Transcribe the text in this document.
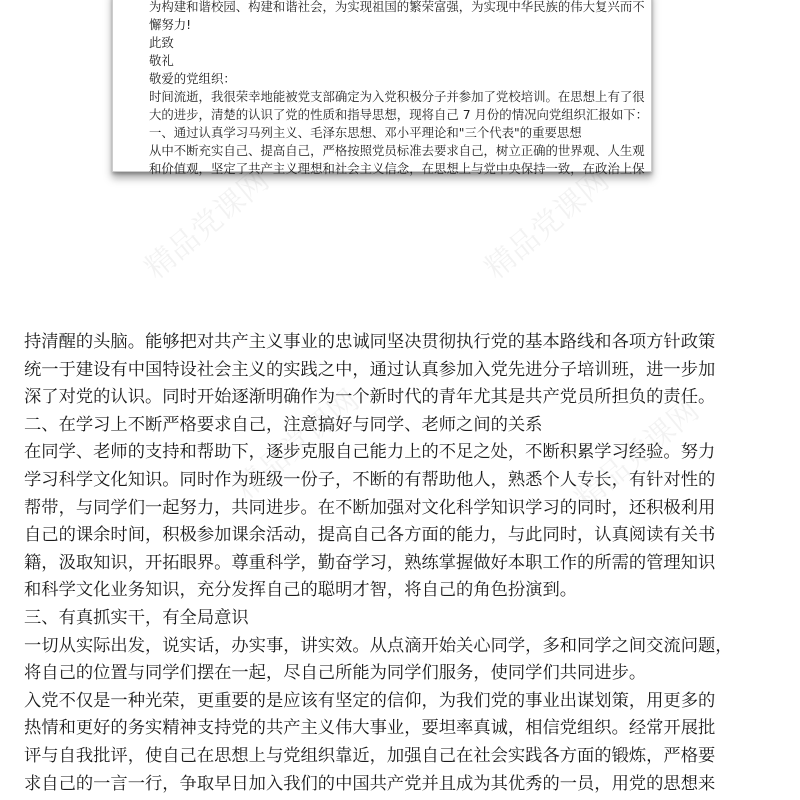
精品党课网	精品党课网
精品党课网	精品党课网
为构建和谐校园、构建和谐社会，为实现祖国的繁荣富强，为实现中华民族的伟大复兴而不
懈努力!
此致
敬礼
敬爱的党组织：
时间流逝，我很荣幸地能被党支部确定为入党积极分子并参加了党校培训。在思想上有了很
大的进步，清楚的认识了党的性质和指导思想，现将自己 7 月份的情况向党组织汇报如下：
一、通过认真学习马列主义、毛泽东思想、邓小平理论和"三个代表"的重要思想
从中不断充实自己、提高自己，严格按照党员标准去要求自己，树立正确的世界观、人生观
和价值观，坚定了共产主义理想和社会主义信念，在思想上与党中央保持一致，在政治上保
持清醒的头脑。能够把对共产主义事业的忠诚同坚决贯彻执行党的基本路线和各项方针政策
统一于建设有中国特设社会主义的实践之中，通过认真参加入党先进分子培训班，进一步加
深了对党的认识。同时开始逐渐明确作为一个新时代的青年尤其是共产党员所担负的责任。
二、在学习上不断严格要求自己，注意搞好与同学、老师之间的关系
在同学、老师的支持和帮助下，逐步克服自己能力上的不足之处，不断积累学习经验。努力
学习科学文化知识。同时作为班级一份子，不断的有帮助他人，熟悉个人专长，有针对性的
帮带，与同学们一起努力，共同进步。在不断加强对文化科学知识学习的同时，还积极利用
自己的课余时间，积极参加课余活动，提高自己各方面的能力，与此同时，认真阅读有关书
籍，汲取知识，开拓眼界。尊重科学，勤奋学习，熟练掌握做好本职工作的所需的管理知识
和科学文化业务知识，充分发挥自己的聪明才智，将自己的角色扮演到。
三、有真抓实干，有全局意识
一切从实际出发，说实话，办实事，讲实效。从点滴开始关心同学，多和同学之间交流问题，
将自己的位置与同学们摆在一起，尽自己所能为同学们服务，使同学们共同进步。
入党不仅是一种光荣，更重要的是应该有坚定的信仰，为我们党的事业出谋划策，用更多的
热情和更好的务实精神支持党的共产主义伟大事业，要坦率真诚，相信党组织。经常开展批
评与自我批评，使自己在思想上与党组织靠近，加强自己在社会实践各方面的锻炼，严格要
求自己的一言一行，争取早日加入我们的中国共产党并且成为其优秀的一员，用党的思想来
